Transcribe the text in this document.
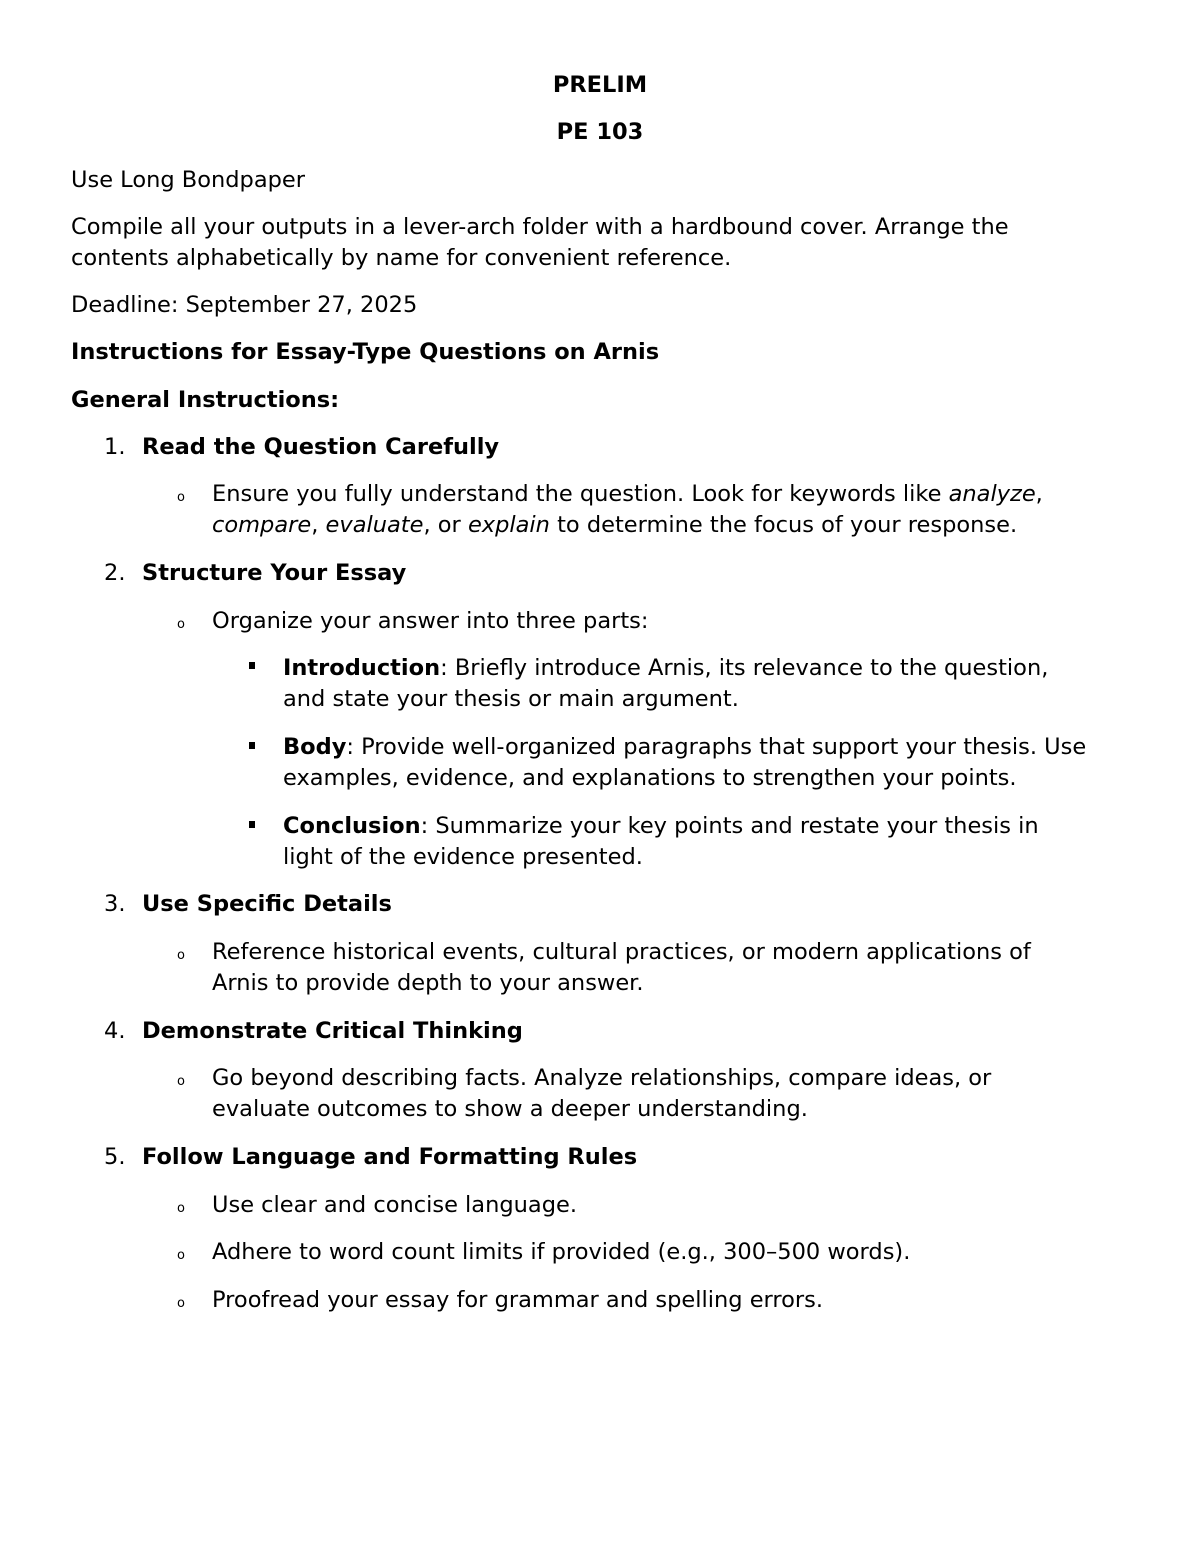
PRELIM
PE 103
Use Long Bondpaper
Compile all your outputs in a lever-arch folder with a hardbound cover. Arrange the
contents alphabetically by name for convenient reference.
Deadline: September 27, 2025
Instructions for Essay-Type Questions on Arnis
General Instructions:
1. Read the Question Carefully
o Ensure you fully understand the question. Look for keywords like analyze,
compare, evaluate, or explain to determine the focus of your response.
2. Structure Your Essay
o Organize your answer into three parts:
Introduction: Briefly introduce Arnis, its relevance to the question,
and state your thesis or main argument.
Body: Provide well-organized paragraphs that support your thesis. Use
examples, evidence, and explanations to strengthen your points.
Conclusion: Summarize your key points and restate your thesis in
light of the evidence presented.
3. Use Specific Details
o Reference historical events, cultural practices, or modern applications of
Arnis to provide depth to your answer.
4. Demonstrate Critical Thinking
o Go beyond describing facts. Analyze relationships, compare ideas, or
evaluate outcomes to show a deeper understanding.
5. Follow Language and Formatting Rules
o Use clear and concise language.
o Adhere to word count limits if provided (e.g., 300–500 words).
o Proofread your essay for grammar and spelling errors.
